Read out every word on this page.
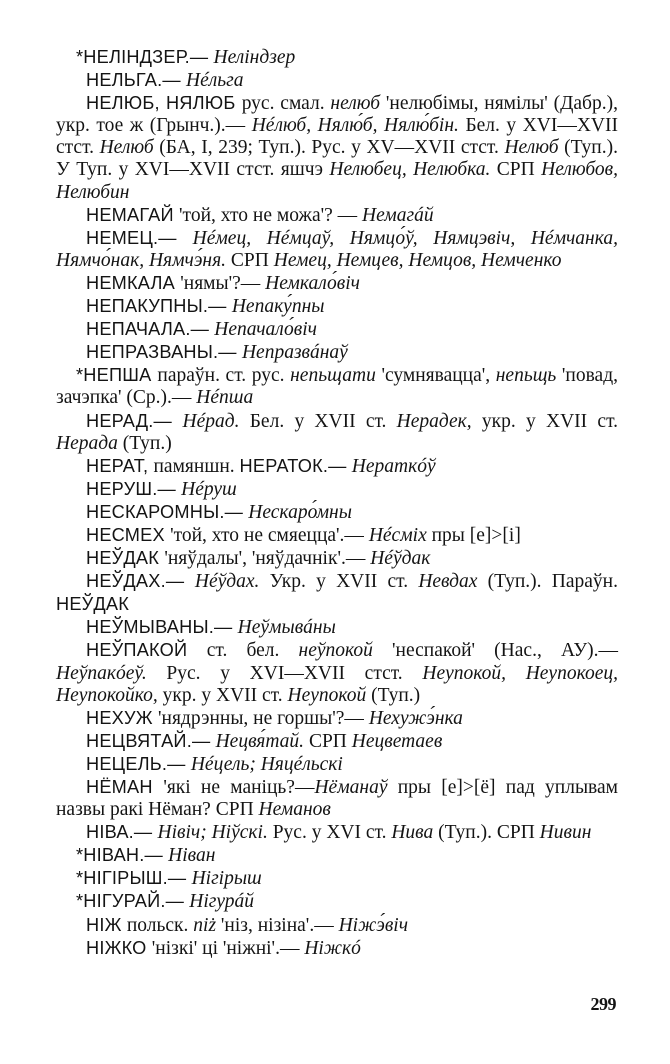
*НЕЛІНДЗЕР.— Нелiндзер

НЕЛЬГА.— Нéльга

НЕЛЮБ, НЯЛЮБ рус. смал. нелюб 'нелюбімы, нямілы' (Дабр.), укр. тое ж (Грынч.).— Нéлюб, Нялю́б, Нялю́бін. Бел. у XVI—XVII стст. Нелюб (БА, I, 239; Туп.). Рус. у XV—XVII стст. Нелюб (Туп.). У Туп. у XVI—XVII стст. яшчэ Нелюбец, Нелюбка. СРП Нелюбов, Нелюбин

НЕМАГАЙ 'той, хто не можа'? — Немагáй

НЕМЕЦ.— Нéмец, Нéмцаў, Нямцо́ў, Нямцэвіч, Нéмчанка, Нямчо́нак, Нямчэ́ня. СРП Немец, Немцев, Немцов, Немченко

НЕМКАЛА 'нямы'?— Немкало́віч

НЕПАКУПНЫ.— Непаку́пны

НЕПАЧАЛА.— Непачало́віч

НЕПРАЗВАНЫ.— Непразвáнаў

*НЕПША параўн. ст. рус. непьщати 'сумнявацца', непьщь 'повад, зачэпка' (Ср.).— Нéпша

НЕРАД.— Нéрад. Бел. у XVII ст. Нерадек, укр. у XVII ст. Нерада (Туп.)

НЕРАТ, памяншн. НЕРАТОК.— Нераткóў

НЕРУШ.— Нéруш

НЕСКАРОМНЫ.— Нескаро́мны

НЕСМЕХ 'той, хто не смяецца'.— Нéсміх пры [е]>[і]

НЕЎДАК 'няўдалы', 'няўдачнік'.— Нéўдак

НЕЎДАХ.— Нéўдах. Укр. у XVII ст. Невдах (Туп.). Параўн. НЕЎДАК

НЕЎМЫВАНЫ.— Неўмывáны

НЕЎПАКОЙ ст. бел. неўпокой 'неспакой' (Нас., АУ).— Неўпакóеў. Рус. у XVI—XVII стст. Неупокой, Неупокоец, Неупокойко, укр. у XVII ст. Неупокой (Туп.)

НЕХУЖ 'нядрэнны, не горшы'?— Нехужэ́нка

НЕЦВЯТАЙ.— Нецвя́тай. СРП Нецветаев

НЕЦЕЛЬ.— Нéцель; Няцéльскі

НЁМАН 'які не маніць?—Нёманаў пры [е]>[ё] пад уплывам назвы ракі Нёман? СРП Неманов

НІВА.— Нівіч; Ніўскі. Рус. у XVI ст. Нива (Туп.). СРП Нивин

*НІВАН.— Ніван

*НІГІРЫШ.— Нігірыш

*НІГУРАЙ.— Нігурáй

НІЖ польск. niż 'ніз, нізіна'.— Ніжэ́віч

НІЖКО 'нізкі' ці 'ніжні'.— Ніжкó

299
